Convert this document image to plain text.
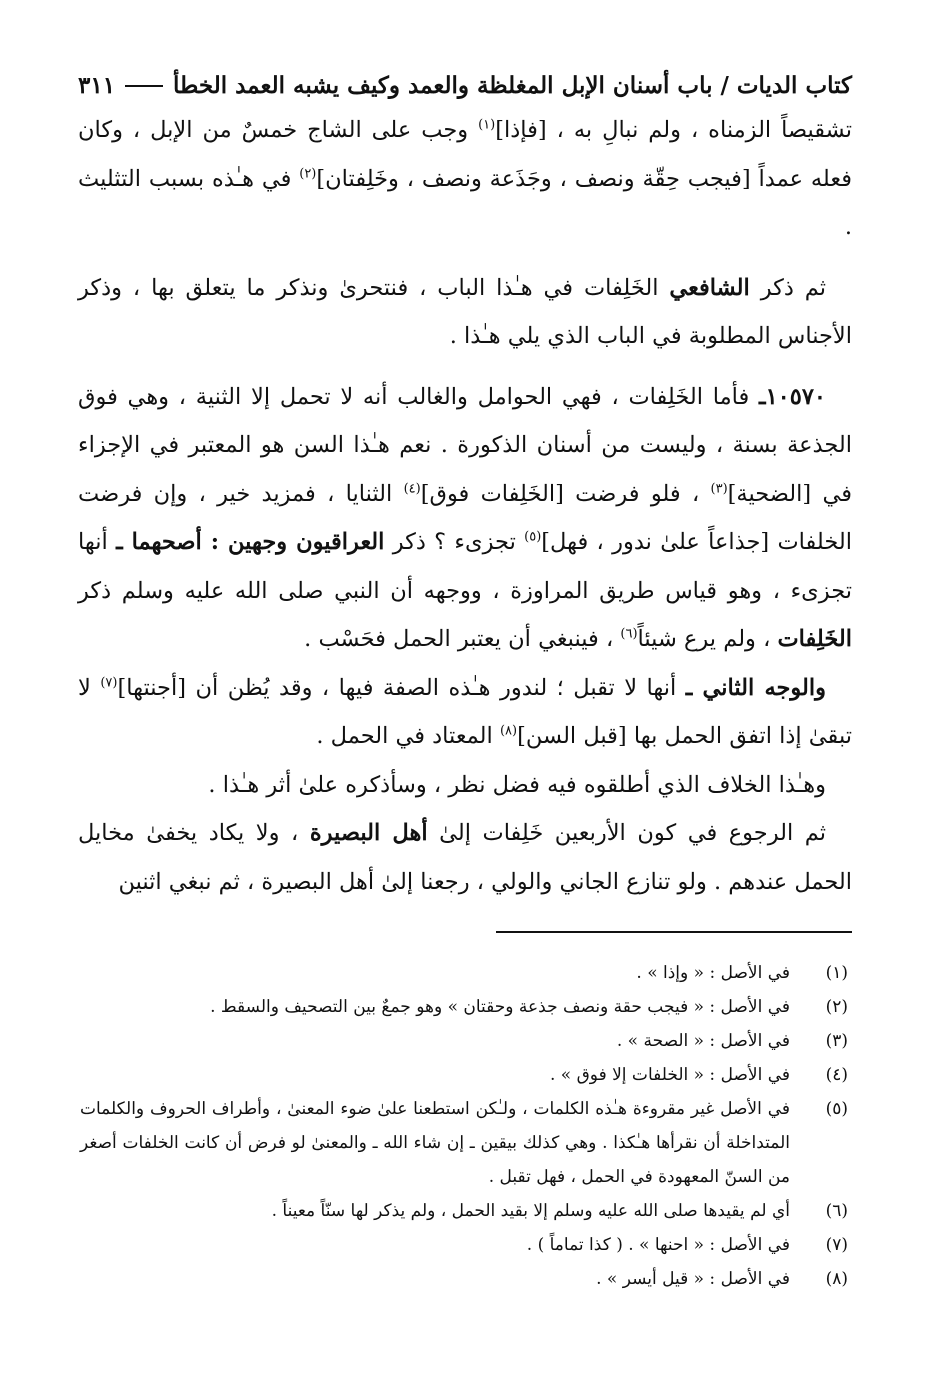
كتاب الديات / باب أسنان الإبل المغلظة والعمد وكيف يشبه العمد الخطأ
٣١١

تشقيصاً الزمناه ، ولم نبالِ به ، [فإذا]$^{(١)}$ وجب على الشاج خمسٌ من الإبل ، وكان فعله عمداً [فيجب حِقّة ونصف ، وجَذَعة ونصف ، وخَلِفتان]$^{(٢)}$ في هـٰذه بسبب التثليث .

ثم ذكر الشافعي الخَلِفات في هـٰذا الباب ، فنتحرىٰ ونذكر ما يتعلق بها ، وذكر الأجناس المطلوبة في الباب الذي يلي هـٰذا .

١٠٥٧٠ـ فأما الخَلِفات ، فهي الحوامل والغالب أنه لا تحمل إلا الثنية ، وهي فوق الجذعة بسنة ، وليست من أسنان الذكورة . نعم هـٰذا السن هو المعتبر في الإجزاء في [الضحية]$^{(٣)}$ ، فلو فرضت [الخَلِفات فوق]$^{(٤)}$ الثنايا ، فمزيد خير ، وإن فرضت الخلفات [جذاعاً علىٰ ندور ، فهل]$^{(٥)}$ تجزىء ؟ ذكر العراقيون وجهين : أصحهما ـ أنها تجزىء ، وهو قياس طريق المراوزة ، ووجهه أن النبي صلى الله عليه وسلم ذكر الخَلِفات ، ولم يرع شيئاً$^{(٦)}$ ، فينبغي أن يعتبر الحمل فحَسْب .

والوجه الثاني ـ أنها لا تقبل ؛ لندور هـٰذه الصفة فيها ، وقد يُظن أن [أجنتها]$^{(٧)}$ لا تبقىٰ إذا اتفق الحمل بها [قبل السن]$^{(٨)}$ المعتاد في الحمل .

وهـٰذا الخلاف الذي أطلقوه فيه فضل نظر ، وسأذكره علىٰ أثر هـٰذا .

ثم الرجوع في كون الأربعين خَلِفات إلىٰ أهل البصيرة ، ولا يكاد يخفىٰ مخايل الحمل عندهم . ولو تنازع الجاني والولي ، رجعنا إلىٰ أهل البصيرة ، ثم نبغي اثنين

(١)
في الأصل : « وإذا » .
(٢)
في الأصل : « فيجب حقة ونصف جذعة وحقتان » وهو جمعٌ بين التصحيف والسقط .
(٣)
في الأصل : « الصحة » .
(٤)
في الأصل : « الخلفات إلا فوق » .
(٥)
في الأصل غير مقروءة هـٰذه الكلمات ، ولـٰكن استطعنا علىٰ ضوء المعنىٰ ، وأطراف الحروف والكلمات المتداخلة أن نقرأها هـٰكذا . وهي كذلك بيقين ـ إن شاء الله ـ والمعنىٰ لو فرض أن كانت الخلفات أصغر من السنّ المعهودة في الحمل ، فهل تقبل .
(٦)
أي لم يقيدها صلى الله عليه وسلم إلا بقيد الحمل ، ولم يذكر لها سنّاً معيناً .
(٧)
في الأصل : « احنها » . ( كذا تماماً ) .
(٨)
في الأصل : « قيل أيسر » .
